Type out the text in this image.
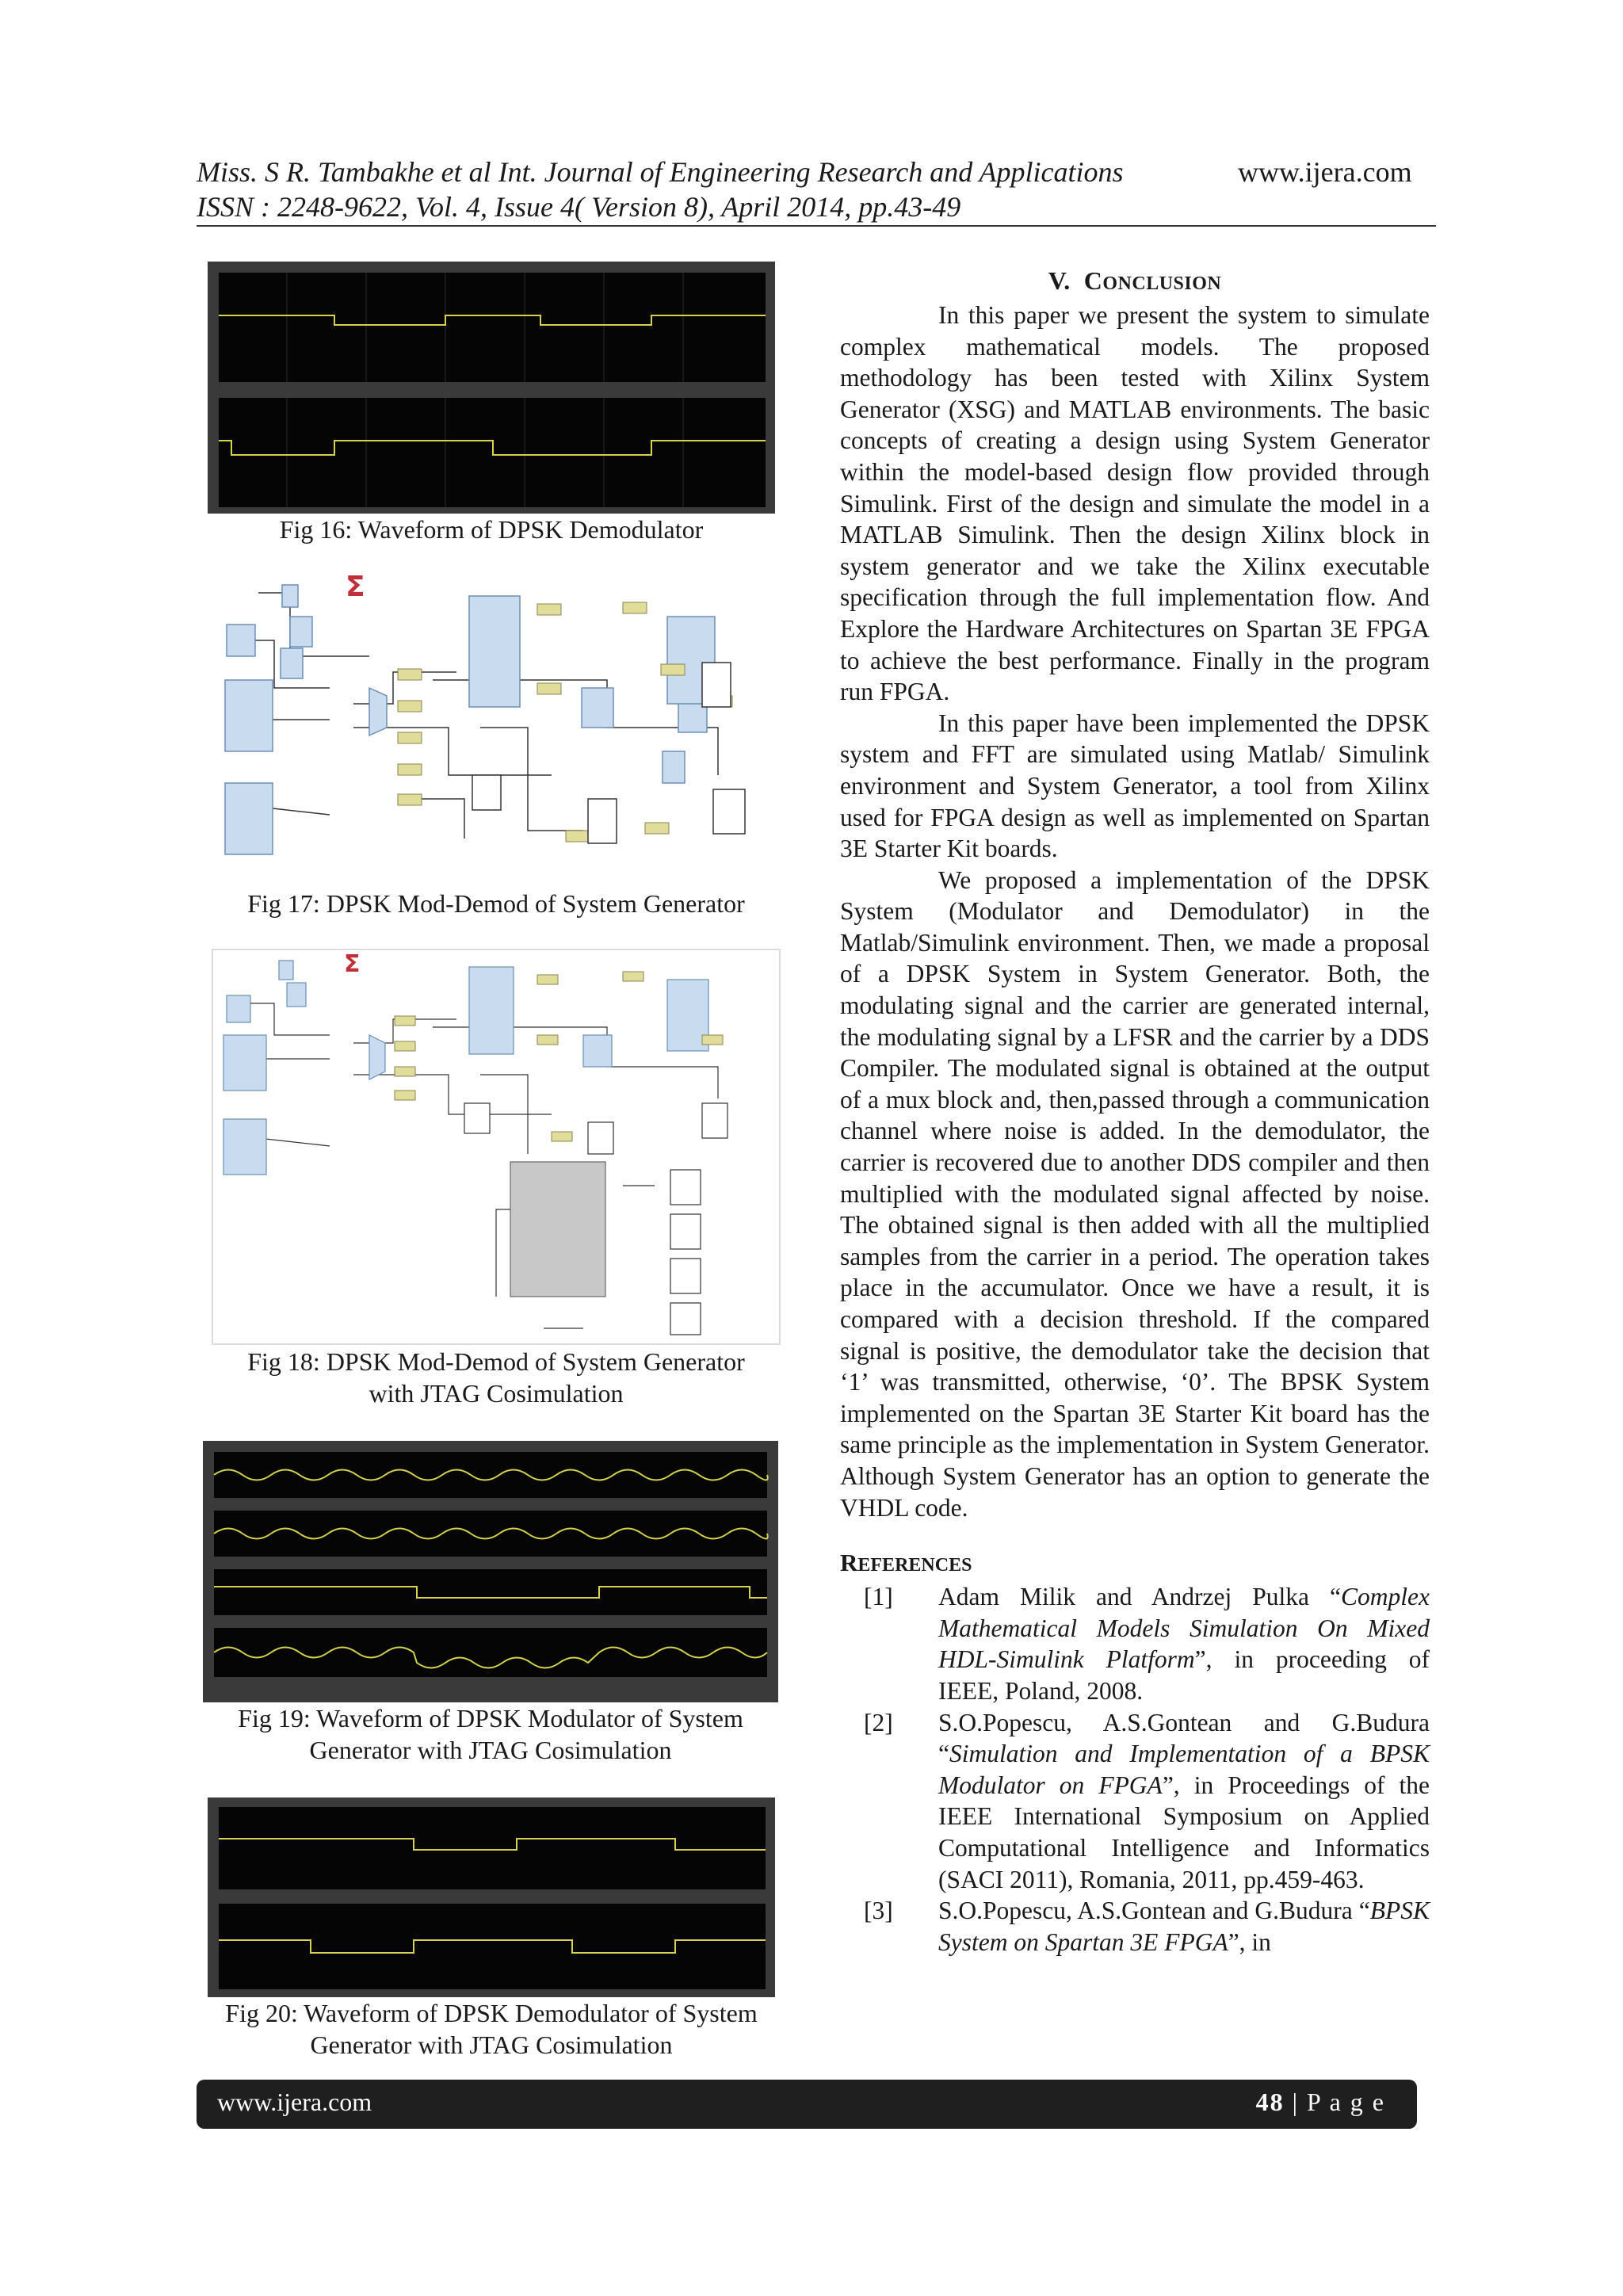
Miss. S R. Tambakhe et al Int. Journal of Engineering Research and Applications	www.ijera.com
ISSN : 2248-9622, Vol. 4, Issue 4( Version 8), April 2014, pp.43-49
Fig 16: Waveform of DPSK Demodulator
Σ
Fig 17: DPSK Mod-Demod of System Generator
Σ
Fig 18: DPSK Mod-Demod of System Generator
with JTAG Cosimulation
Fig 19: Waveform of DPSK Modulator of System
Generator with JTAG Cosimulation
Fig 20: Waveform of DPSK Demodulator of System
Generator with JTAG Cosimulation
V. CONCLUSION

In this paper we present the system to simulate complex mathematical models. The proposed methodology has been tested with Xilinx System Generator (XSG) and MATLAB environments. The basic concepts of creating a design using System Generator within the model-based design flow provided through Simulink. First of the design and simulate the model in a MATLAB Simulink. Then the design Xilinx block in system generator and we take the Xilinx executable specification through the full implementation flow. And Explore the Hardware Architectures on Spartan 3E FPGA to achieve the best performance. Finally in the program run FPGA.

In this paper have been implemented the DPSK system and FFT are simulated using Matlab/ Simulink environment and System Generator, a tool from Xilinx used for FPGA design as well as implemented on Spartan 3E Starter Kit boards.

We proposed a implementation of the DPSK System (Modulator and Demodulator) in the Matlab/Simulink environment. Then, we made a proposal of a DPSK System in System Generator. Both, the modulating signal and the carrier are generated internal, the modulating signal by a LFSR and the carrier by a DDS Compiler. The modulated signal is obtained at the output of a mux block and, then,passed through a communication channel where noise is added. In the demodulator, the carrier is recovered due to another DDS compiler and then multiplied with the modulated signal affected by noise. The obtained signal is then added with all the multiplied samples from the carrier in a period. The operation takes place in the accumulator. Once we have a result, it is compared with a decision threshold. If the compared signal is positive, the demodulator take the decision that ‘1’ was transmitted, otherwise, ‘0’. The BPSK System implemented on the Spartan 3E Starter Kit board has the same principle as the implementation in System Generator. Although System Generator has an option to generate the VHDL code.

REFERENCES
[1] Adam Milik and Andrzej Pulka “Complex Mathematical Models Simulation On Mixed HDL-Simulink Platform”, in proceeding of IEEE, Poland, 2008.
[2] S.O.Popescu, A.S.Gontean and G.Budura “Simulation and Implementation of a BPSK Modulator on FPGA”, in Proceedings of the IEEE International Symposium on Applied Computational Intelligence and Informatics (SACI 2011), Romania, 2011, pp.459-463.
[3] S.O.Popescu, A.S.Gontean and G.Budura “BPSK System on Spartan 3E FPGA”, in
www.ijera.com	48 | P a g e
